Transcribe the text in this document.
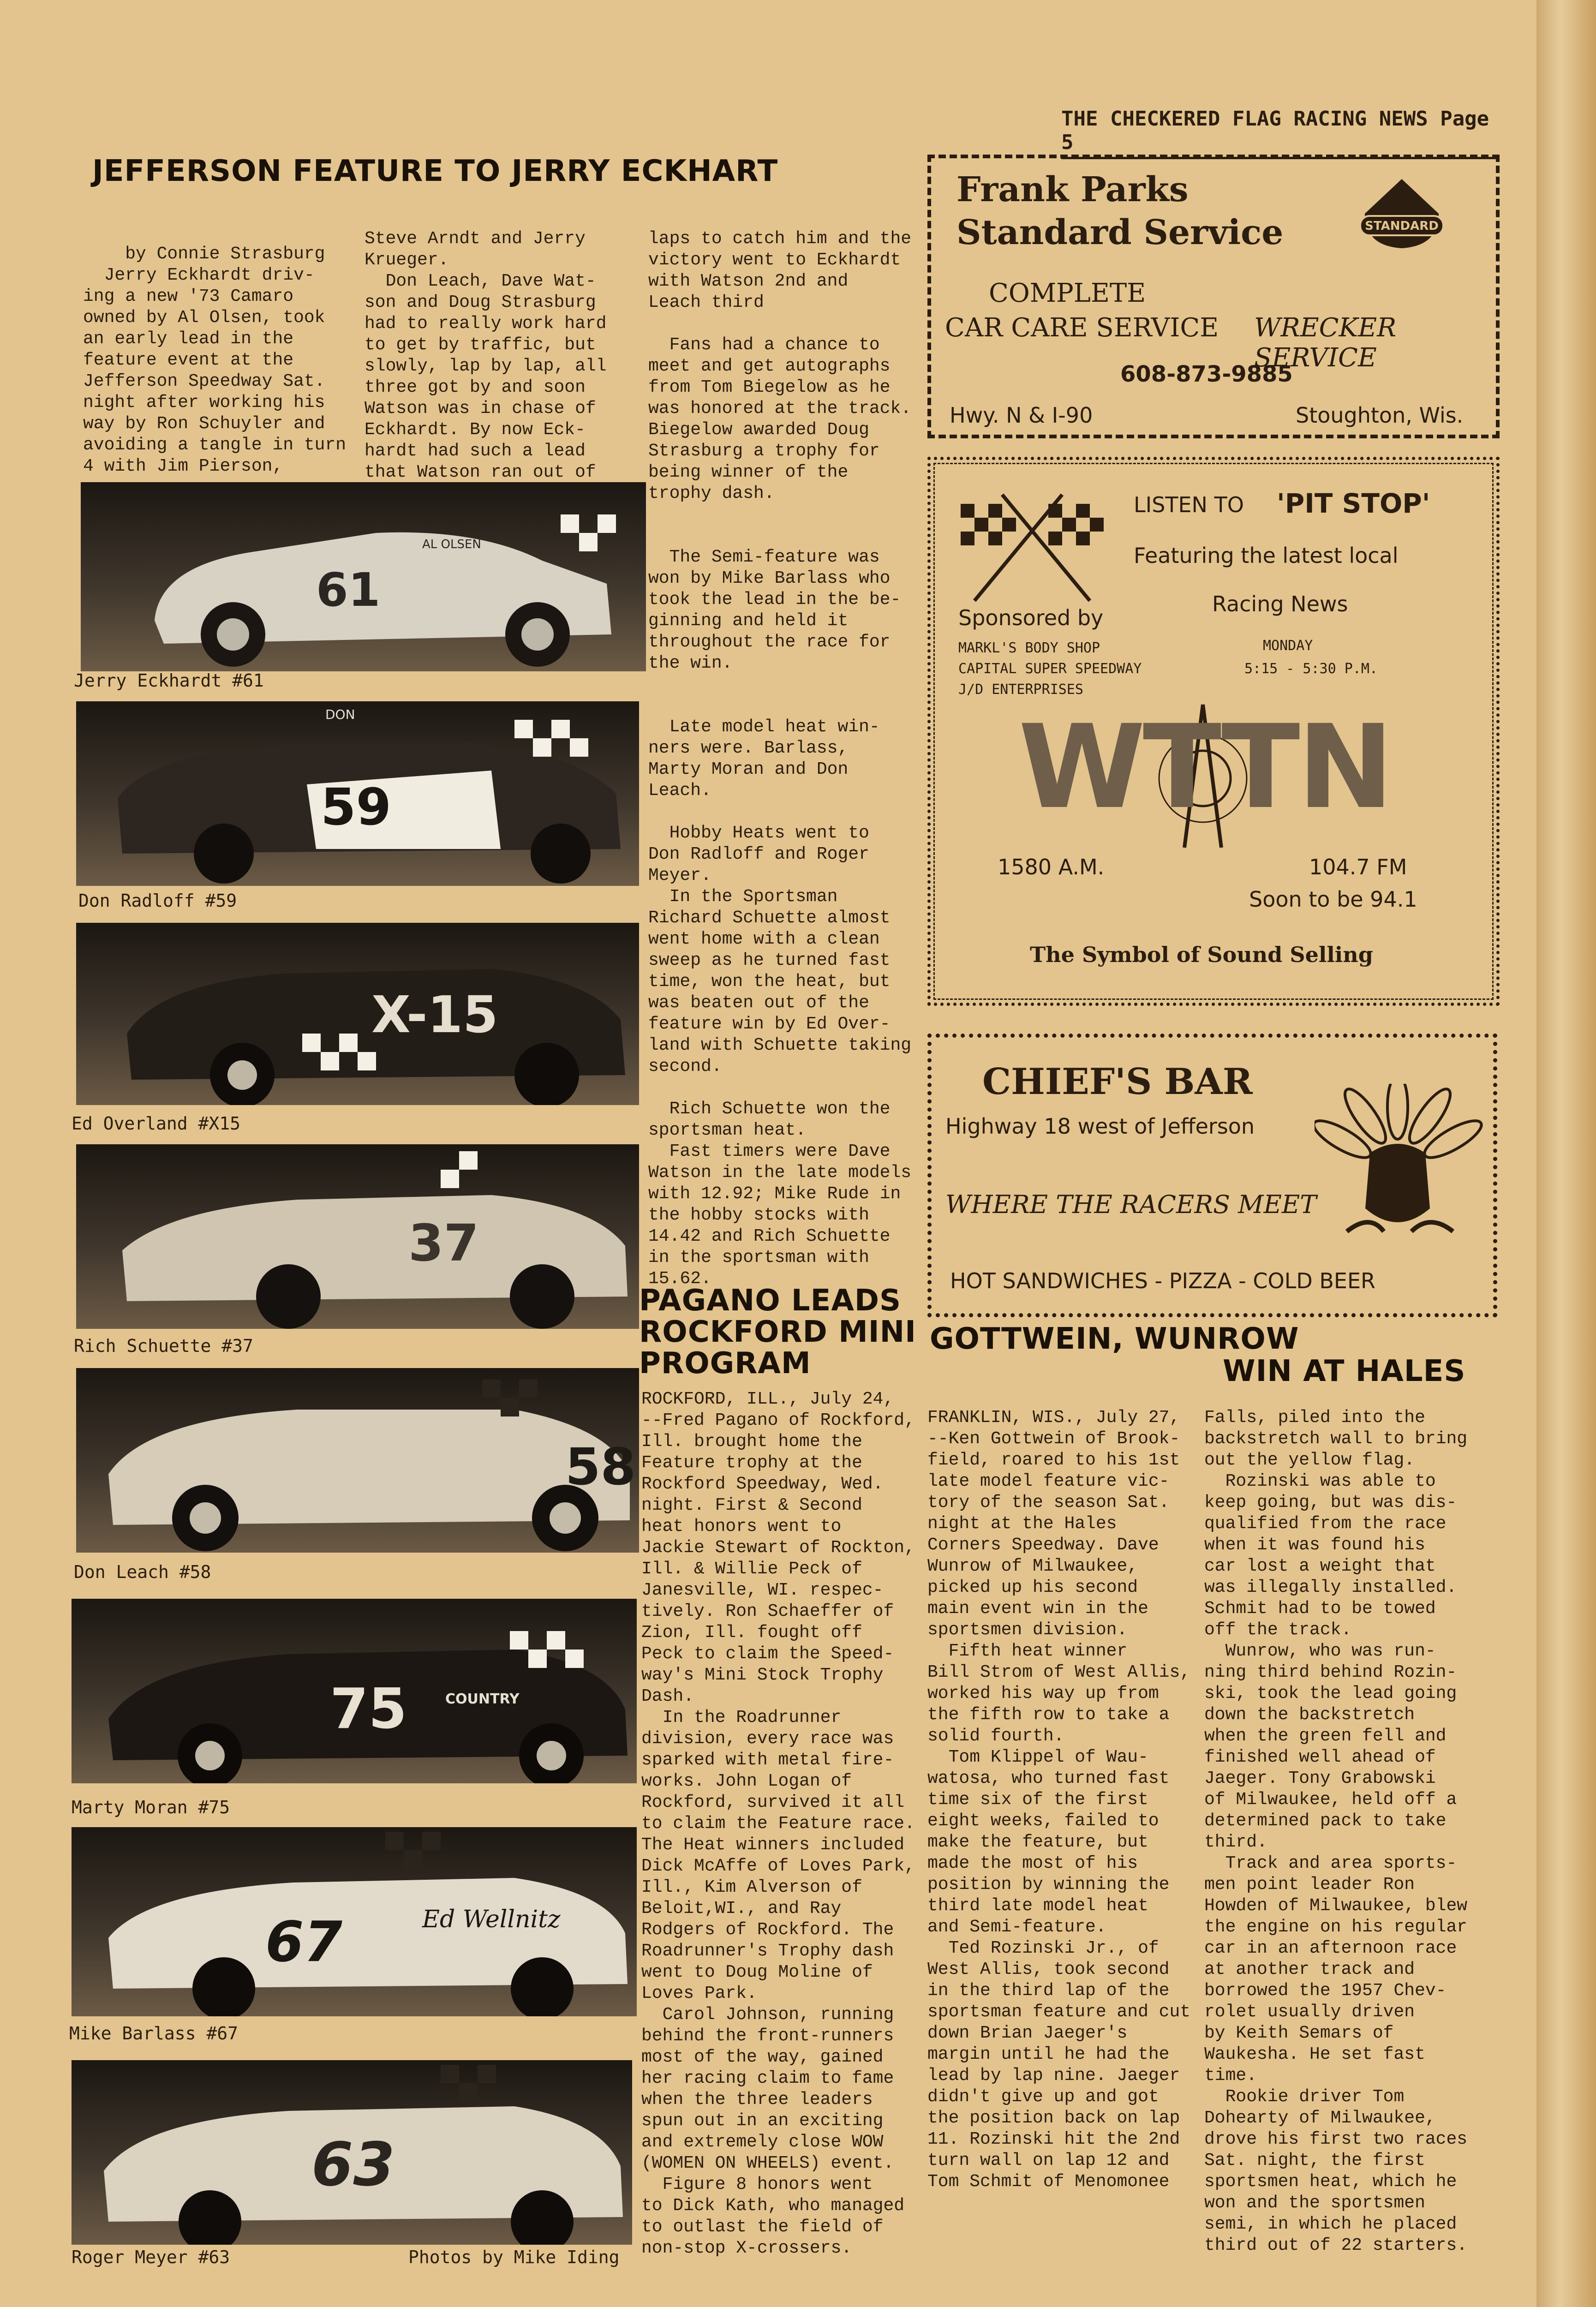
THE CHECKERED FLAG RACING NEWS Page 5
JEFFERSON FEATURE TO JERRY ECKHART
by Connie Strasburg
Jerry Eckhardt driv-
ing a new '73 Camaro
owned by Al Olsen, took
an early lead in the
feature event at the
Jefferson Speedway Sat.
night after working his
way by Ron Schuyler and
avoiding a tangle in turn
4 with Jim Pierson,
Steve Arndt and Jerry
Krueger.
Don Leach, Dave Wat-
son and Doug Strasburg
had to really work hard
to get by traffic, but
slowly, lap by lap, all
three got by and soon
Watson was in chase of
Eckhardt. By now Eck-
hardt had such a lead
that Watson ran out of
laps to catch him and the
victory went to Eckhardt
with Watson 2nd and
Leach third

Fans had a chance to
meet and get autographs
from Tom Biegelow as he
was honored at the track.
Biegelow awarded Doug
Strasburg a trophy for
being winner of the
trophy dash.

The Semi-feature was
won by Mike Barlass who
took the lead in the be-
ginning and held it
throughout the race for
the win.

Late model heat win-
ners were. Barlass,
Marty Moran and Don
Leach.

Hobby Heats went to
Don Radloff and Roger
Meyer.
In the Sportsman
Richard Schuette almost
went home with a clean
sweep as he turned fast
time, won the heat, but
was beaten out of the
feature win by Ed Over-
land with Schuette taking
second.

Rich Schuette won the
sportsman heat.
Fast timers were Dave
Watson in the late models
with 12.92; Mike Rude in
the hobby stocks with
14.42 and Rich Schuette
in the sportsman with
15.62.
61
AL OLSEN
Jerry Eckhardt #61
59
DON
Don Radloff #59
X-15
Ed Overland #X15
37
Rich Schuette #37
58
Don Leach #58
75	COUNTRY
Marty Moran #75
67	Ed Wellnitz
Mike Barlass #67
63
Roger Meyer #63	Photos by Mike Iding
Frank Parks
Standard Service	STANDARD
COMPLETE
CAR CARE SERVICE WRECKER SERVICE
608-873-9885
Hwy. N & I-90	Stoughton, Wis.
LISTEN TO 'PIT STOP'
Featuring the latest local
Racing News
Sponsored by
MARKL'S BODY SHOP
CAPITAL SUPER SPEEDWAY
J/D ENTERPRISES
MONDAY
5:15 - 5:30 P.M.
WTTN
1580 A.M.	104.7 FM
Soon to be 94.1
The Symbol of Sound Selling
CHIEF'S BAR
Highway 18 west of Jefferson
WHERE THE RACERS MEET
HOT SANDWICHES - PIZZA - COLD BEER
PAGANO LEADS
ROCKFORD MINI
PROGRAM
ROCKFORD, ILL., July 24,
--Fred Pagano of Rockford,
Ill. brought home the
Feature trophy at the
Rockford Speedway, Wed.
night. First & Second
heat honors went to
Jackie Stewart of Rockton,
Ill. & Willie Peck of
Janesville, WI. respec-
tively. Ron Schaeffer of
Zion, Ill. fought off
Peck to claim the Speed-
way's Mini Stock Trophy
Dash.
In the Roadrunner
division, every race was
sparked with metal fire-
works. John Logan of
Rockford, survived it all
to claim the Feature race.
The Heat winners included
Dick McAffe of Loves Park,
Ill., Kim Alverson of
Beloit,WI., and Ray
Rodgers of Rockford. The
Roadrunner's Trophy dash
went to Doug Moline of
Loves Park.
Carol Johnson, running
behind the front-runners
most of the way, gained
her racing claim to fame
when the three leaders
spun out in an exciting
and extremely close WOW
(WOMEN ON WHEELS) event.
Figure 8 honors went
to Dick Kath, who managed
to outlast the field of
non-stop X-crossers.
GOTTWEIN, WUNROW
WIN AT HALES
FRANKLIN, WIS., July 27,
--Ken Gottwein of Brook-
field, roared to his 1st
late model feature vic-
tory of the season Sat.
night at the Hales
Corners Speedway. Dave
Wunrow of Milwaukee,
picked up his second
main event win in the
sportsmen division.
Fifth heat winner
Bill Strom of West Allis,
worked his way up from
the fifth row to take a
solid fourth.
Tom Klippel of Wau-
watosa, who turned fast
time six of the first
eight weeks, failed to
make the feature, but
made the most of his
position by winning the
third late model heat
and Semi-feature.
Ted Rozinski Jr., of
West Allis, took second
in the third lap of the
sportsman feature and cut
down Brian Jaeger's
margin until he had the
lead by lap nine. Jaeger
didn't give up and got
the position back on lap
11. Rozinski hit the 2nd
turn wall on lap 12 and
Tom Schmit of Menomonee
Falls, piled into the
backstretch wall to bring
out the yellow flag.
Rozinski was able to
keep going, but was dis-
qualified from the race
when it was found his
car lost a weight that
was illegally installed.
Schmit had to be towed
off the track.
Wunrow, who was run-
ning third behind Rozin-
ski, took the lead going
down the backstretch
when the green fell and
finished well ahead of
Jaeger. Tony Grabowski
of Milwaukee, held off a
determined pack to take
third.
Track and area sports-
men point leader Ron
Howden of Milwaukee, blew
the engine on his regular
car in an afternoon race
at another track and
borrowed the 1957 Chev-
rolet usually driven
by Keith Semars of
Waukesha. He set fast
time.
Rookie driver Tom
Dohearty of Milwaukee,
drove his first two races
Sat. night, the first
sportsmen heat, which he
won and the sportsmen
semi, in which he placed
third out of 22 starters.
